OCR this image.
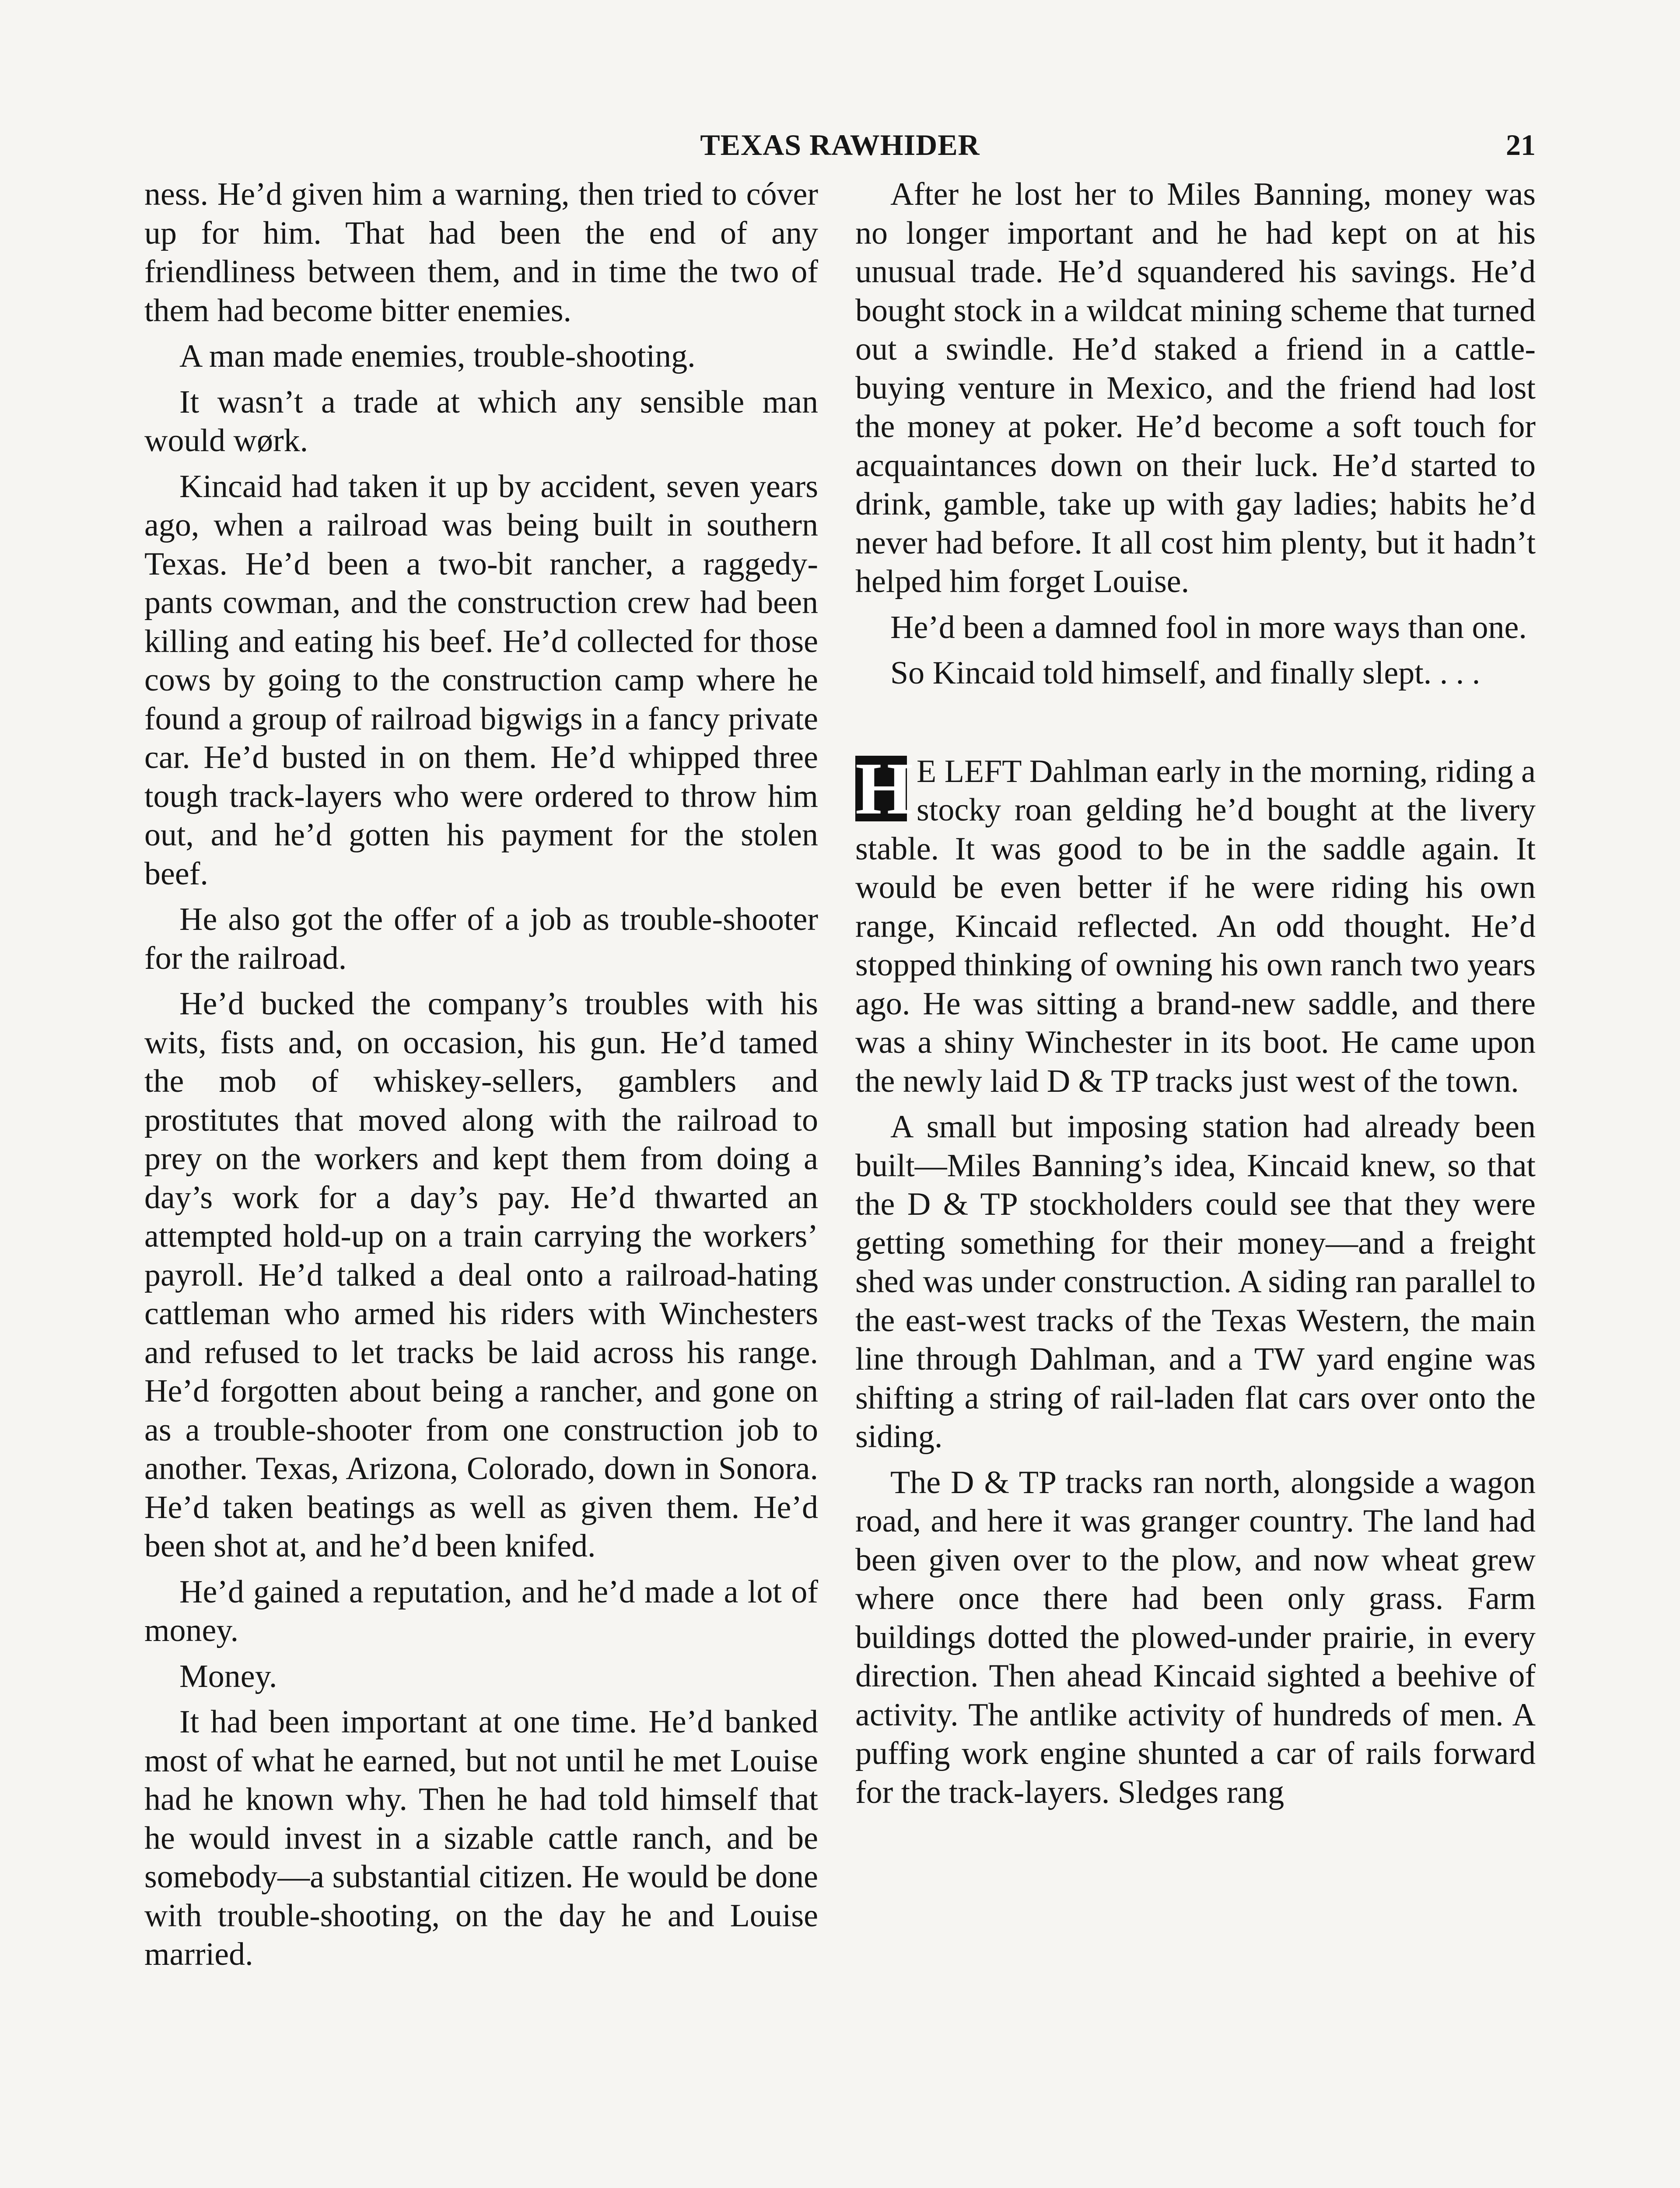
TEXAS RAWHIDER	21

ness. He’d given him a warning, then tried to cóver up for him. That had been the end of any friendliness between them, and in time the two of them had become bitter enemies.

A man made enemies, trouble-shooting.

It wasn’t a trade at which any sensible man would wørk.

Kincaid had taken it up by accident, seven years ago, when a railroad was being built in southern Texas. He’d been a two-bit rancher, a raggedy-pants cowman, and the construction crew had been killing and eating his beef. He’d collected for those cows by going to the construction camp where he found a group of railroad bigwigs in a fancy private car. He’d busted in on them. He’d whipped three tough track-layers who were ordered to throw him out, and he’d gotten his payment for the stolen beef.

He also got the offer of a job as trouble-shooter for the railroad.

He’d bucked the company’s troubles with his wits, fists and, on occasion, his gun. He’d tamed the mob of whiskey-sellers, gamblers and prostitutes that moved along with the railroad to prey on the workers and kept them from doing a day’s work for a day’s pay. He’d thwarted an attempted hold-up on a train carrying the workers’ payroll. He’d talked a deal onto a railroad-hating cattleman who armed his riders with Winchesters and refused to let tracks be laid across his range. He’d forgotten about being a rancher, and gone on as a trouble-shooter from one construction job to another. Texas, Arizona, Colorado, down in Sonora. He’d taken beatings as well as given them. He’d been shot at, and he’d been knifed.

He’d gained a reputation, and he’d made a lot of money.

Money.

It had been important at one time. He’d banked most of what he earned, but not until he met Louise had he known why. Then he had told himself that he would invest in a sizable cattle ranch, and be somebody—a substantial citizen. He would be done with trouble-shooting, on the day he and Louise married.

After he lost her to Miles Banning, money was no longer important and he had kept on at his unusual trade. He’d squandered his savings. He’d bought stock in a wildcat mining scheme that turned out a swindle. He’d staked a friend in a cattle-buying venture in Mexico, and the friend had lost the money at poker. He’d become a soft touch for acquaintances down on their luck. He’d started to drink, gamble, take up with gay ladies; habits he’d never had before. It all cost him plenty, but it hadn’t helped him forget Louise.

He’d been a damned fool in more ways than one.

So Kincaid told himself, and finally slept. . . .

H E LEFT Dahlman early in the morning, riding a stocky roan gelding he’d bought at the livery stable. It was good to be in the saddle again. It would be even better if he were riding his own range, Kincaid reflected. An odd thought. He’d stopped thinking of owning his own ranch two years ago. He was sitting a brand-new saddle, and there was a shiny Winchester in its boot. He came upon the newly laid D & TP tracks just west of the town.

A small but imposing station had already been built—Miles Banning’s idea, Kincaid knew, so that the D & TP stockholders could see that they were getting something for their money—and a freight shed was under construction. A siding ran parallel to the east-west tracks of the Texas Western, the main line through Dahlman, and a TW yard engine was shifting a string of rail-laden flat cars over onto the siding.

The D & TP tracks ran north, alongside a wagon road, and here it was granger country. The land had been given over to the plow, and now wheat grew where once there had been only grass. Farm buildings dotted the plowed-under prairie, in every direction. Then ahead Kincaid sighted a beehive of activity. The antlike activity of hundreds of men. A puffing work engine shunted a car of rails forward for the track-layers. Sledges rang
